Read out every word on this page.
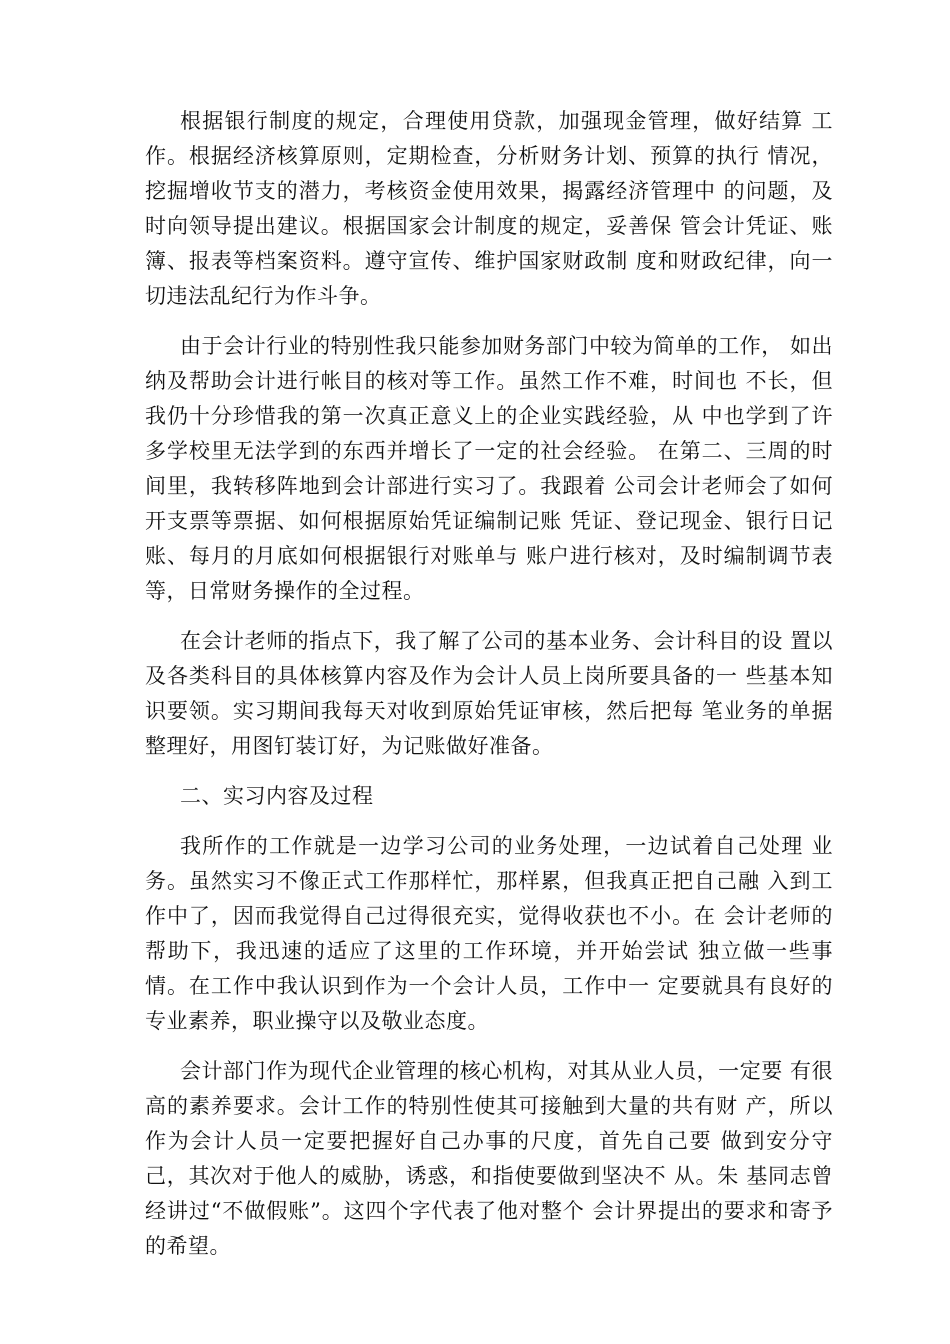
根据银行制度的规定，合理使用贷款，加强现金管理，做好结算 工作。根据经济核算原则，定期检查，分析财务计划、预算的执行 情况，挖掘增收节支的潜力，考核资金使用效果，揭露经济管理中 的问题，及时向领导提出建议。根据国家会计制度的规定，妥善保 管会计凭证、账簿、报表等档案资料。遵守宣传、维护国家财政制 度和财政纪律，向一切违法乱纪行为作斗争。

由于会计行业的特别性我只能参加财务部门中较为简单的工作， 如出纳及帮助会计进行帐目的核对等工作。虽然工作不难，时间也 不长，但我仍十分珍惜我的第一次真正意义上的企业实践经验，从 中也学到了许多学校里无法学到的东西并增长了一定的社会经验。 在第二、三周的时间里，我转移阵地到会计部进行实习了。我跟着 公司会计老师会了如何开支票等票据、如何根据原始凭证编制记账 凭证、登记现金、银行日记账、每月的月底如何根据银行对账单与 账户进行核对，及时编制调节表等，日常财务操作的全过程。

在会计老师的指点下，我了解了公司的基本业务、会计科目的设 置以及各类科目的具体核算内容及作为会计人员上岗所要具备的一 些基本知识要领。实习期间我每天对收到原始凭证审核，然后把每 笔业务的单据整理好，用图钉装订好，为记账做好准备。

二、实习内容及过程

我所作的工作就是一边学习公司的业务处理，一边试着自己处理 业务。虽然实习不像正式工作那样忙，那样累，但我真正把自己融 入到工作中了，因而我觉得自己过得很充实，觉得收获也不小。在 会计老师的帮助下，我迅速的适应了这里的工作环境，并开始尝试 独立做一些事情。在工作中我认识到作为一个会计人员，工作中一 定要就具有良好的专业素养，职业操守以及敬业态度。

会计部门作为现代企业管理的核心机构，对其从业人员，一定要 有很高的素养要求。会计工作的特别性使其可接触到大量的共有财 产，所以作为会计人员一定要把握好自己办事的尺度，首先自己要 做到安分守己，其次对于他人的威胁，诱惑，和指使要做到坚决不 从。朱 基同志曾经讲过“不做假账”。这四个字代表了他对整个 会计界提出的要求和寄予的希望。
